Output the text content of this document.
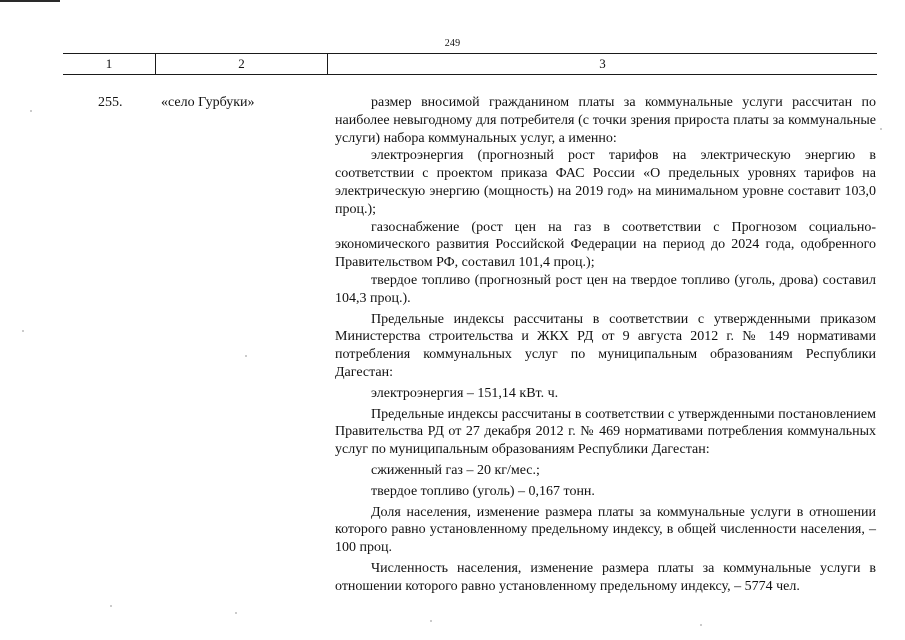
249
1	2	3
255.	«село Гурбуки»	размер вносимой гражданином платы за коммунальные услуги рассчитан по наиболее невыгодному для потребителя (с точки зрения прироста платы за коммунальные услуги) набора коммунальных услуг, а именно:

электроэнергия (прогнозный рост тарифов на электрическую энергию в соответствии с проектом приказа ФАС России «О предельных уровнях тарифов на электрическую энергию (мощность) на 2019 год» на минимальном уровне составит 103,0 проц.);

газоснабжение (рост цен на газ в соответствии с Прогнозом социально-экономического развития Российской Федерации на период до 2024 года, одобренного Правительством РФ, составил 101,4 проц.);

твердое топливо (прогнозный рост цен на твердое топливо (уголь, дрова) составил 104,3 проц.).

Предельные индексы рассчитаны в соответствии с утвержденными приказом Министерства строительства и ЖКХ РД от 9 августа 2012 г. № 149 нормативами потребления коммунальных услуг по муниципальным образованиям Республики Дагестан:

электроэнергия – 151,14 кВт. ч.

Предельные индексы рассчитаны в соответствии с утвержденными постановлением Правительства РД от 27 декабря 2012 г. № 469 нормативами потребления коммунальных услуг по муниципальным образованиям Республики Дагестан:

сжиженный газ – 20 кг/мес.;

твердое топливо (уголь) – 0,167 тонн.

Доля населения, изменение размера платы за коммунальные услуги в отношении которого равно установленному предельному индексу, в общей численности населения, – 100 проц.

Численность населения, изменение размера платы за коммунальные услуги в отношении которого равно установленному предельному индексу, – 5774 чел.
